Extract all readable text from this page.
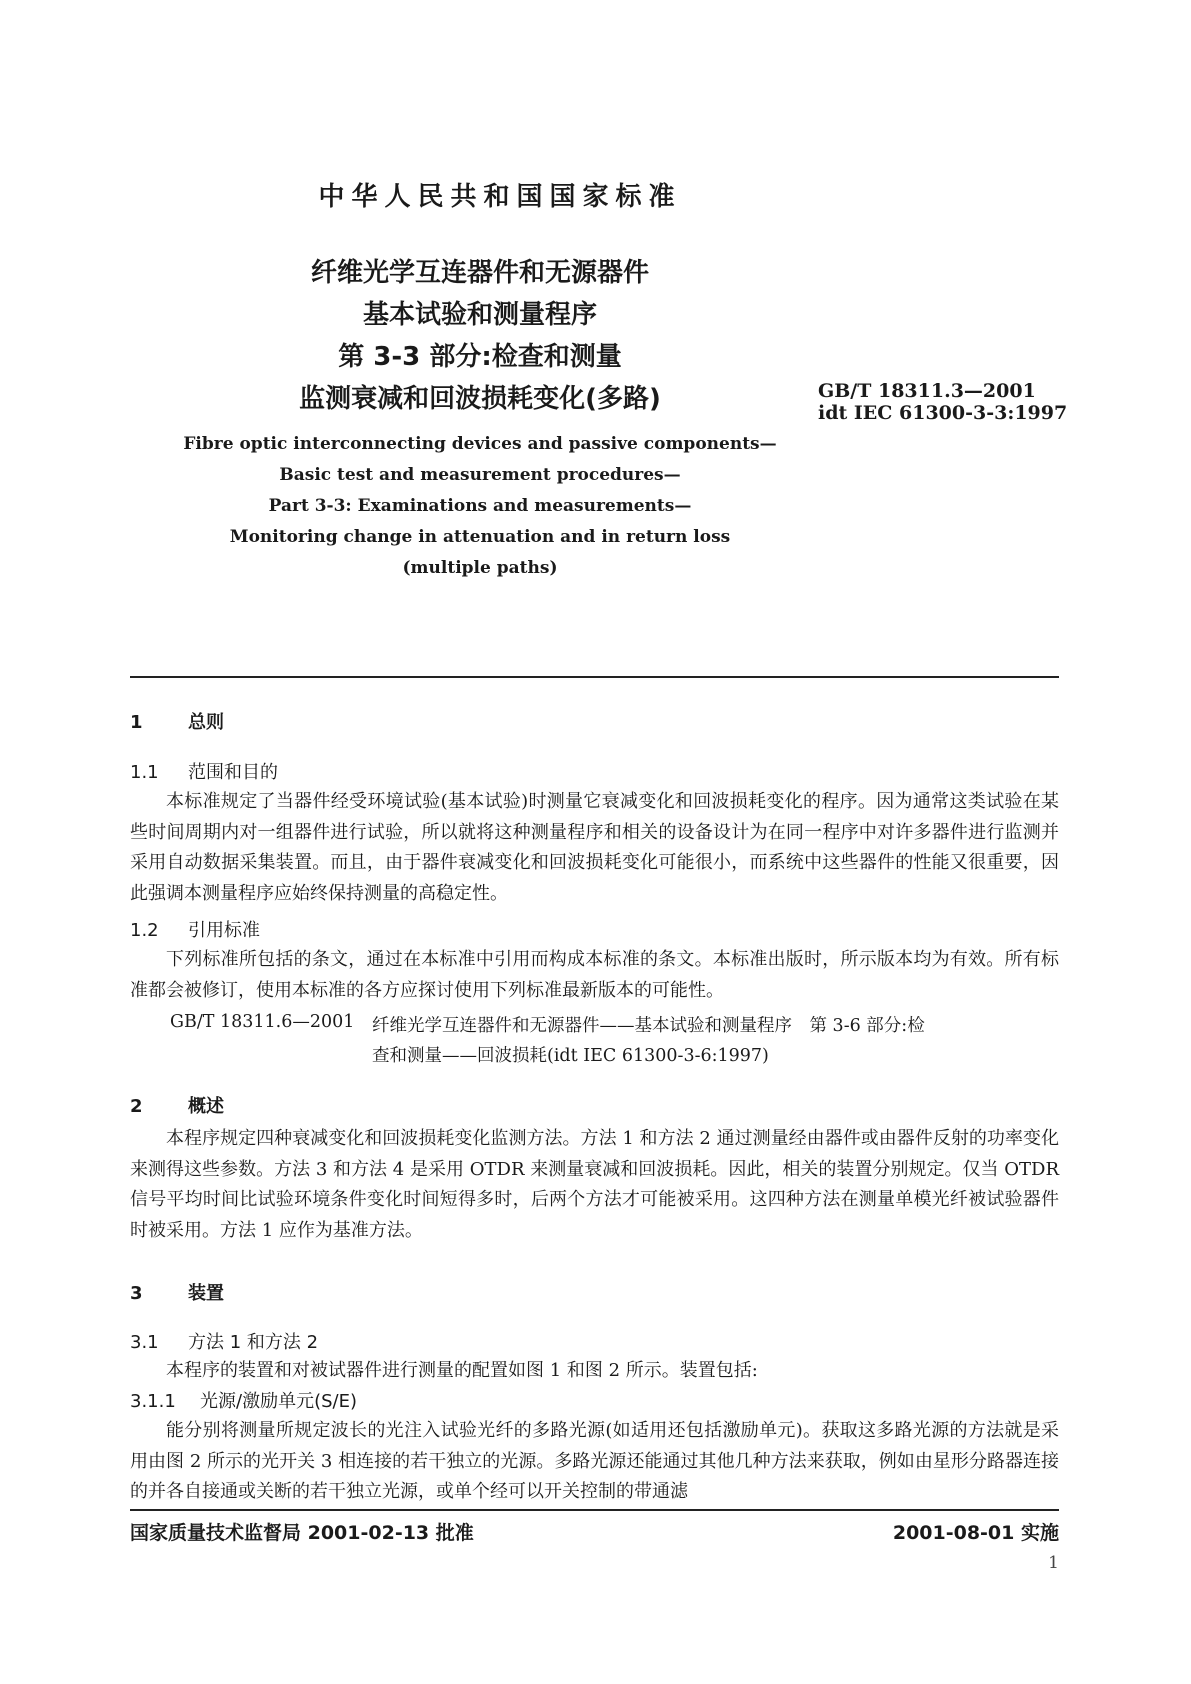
中华人民共和国国家标准
纤维光学互连器件和无源器件
基本试验和测量程序
第 3-3 部分:检查和测量
监测衰减和回波损耗变化(多路)	GB/T 18311.3—2001
idt IEC 61300-3-3:1997
Fibre optic interconnecting devices and passive components—
Basic test and measurement procedures—
Part 3-3: Examinations and measurements—
Monitoring change in attenuation and in return loss
(multiple paths)
1	总则
1.1 范围和目的
本标准规定了当器件经受环境试验(基本试验)时测量它衰减变化和回波损耗变化的程序。因为通常这类试验在某些时间周期内对一组器件进行试验，所以就将这种测量程序和相关的设备设计为在同一程序中对许多器件进行监测并采用自动数据采集装置。而且，由于器件衰减变化和回波损耗变化可能很小，而系统中这些器件的性能又很重要，因此强调本测量程序应始终保持测量的高稳定性。
1.2 引用标准
下列标准所包括的条文，通过在本标准中引用而构成本标准的条文。本标准出版时，所示版本均为有效。所有标准都会被修订，使用本标准的各方应探讨使用下列标准最新版本的可能性。
GB/T 18311.6—2001 纤维光学互连器件和无源器件——基本试验和测量程序　第 3-6 部分:检
查和测量——回波损耗(idt IEC 61300-3-6:1997)
2	概述
本程序规定四种衰减变化和回波损耗变化监测方法。方法 1 和方法 2 通过测量经由器件或由器件反射的功率变化来测得这些参数。方法 3 和方法 4 是采用 OTDR 来测量衰减和回波损耗。因此，相关的装置分别规定。仅当 OTDR 信号平均时间比试验环境条件变化时间短得多时，后两个方法才可能被采用。这四种方法在测量单模光纤被试验器件时被采用。方法 1 应作为基准方法。
3	装置
3.1 方法 1 和方法 2
本程序的装置和对被试器件进行测量的配置如图 1 和图 2 所示。装置包括:
3.1.1 光源/激励单元(S/E)
能分别将测量所规定波长的光注入试验光纤的多路光源(如适用还包括激励单元)。获取这多路光源的方法就是采用由图 2 所示的光开关 3 相连接的若干独立的光源。多路光源还能通过其他几种方法来获取，例如由星形分路器连接的并各自接通或关断的若干独立光源，或单个经可以开关控制的带通滤
国家质量技术监督局 2001-02-13 批准	2001-08-01 实施
1
